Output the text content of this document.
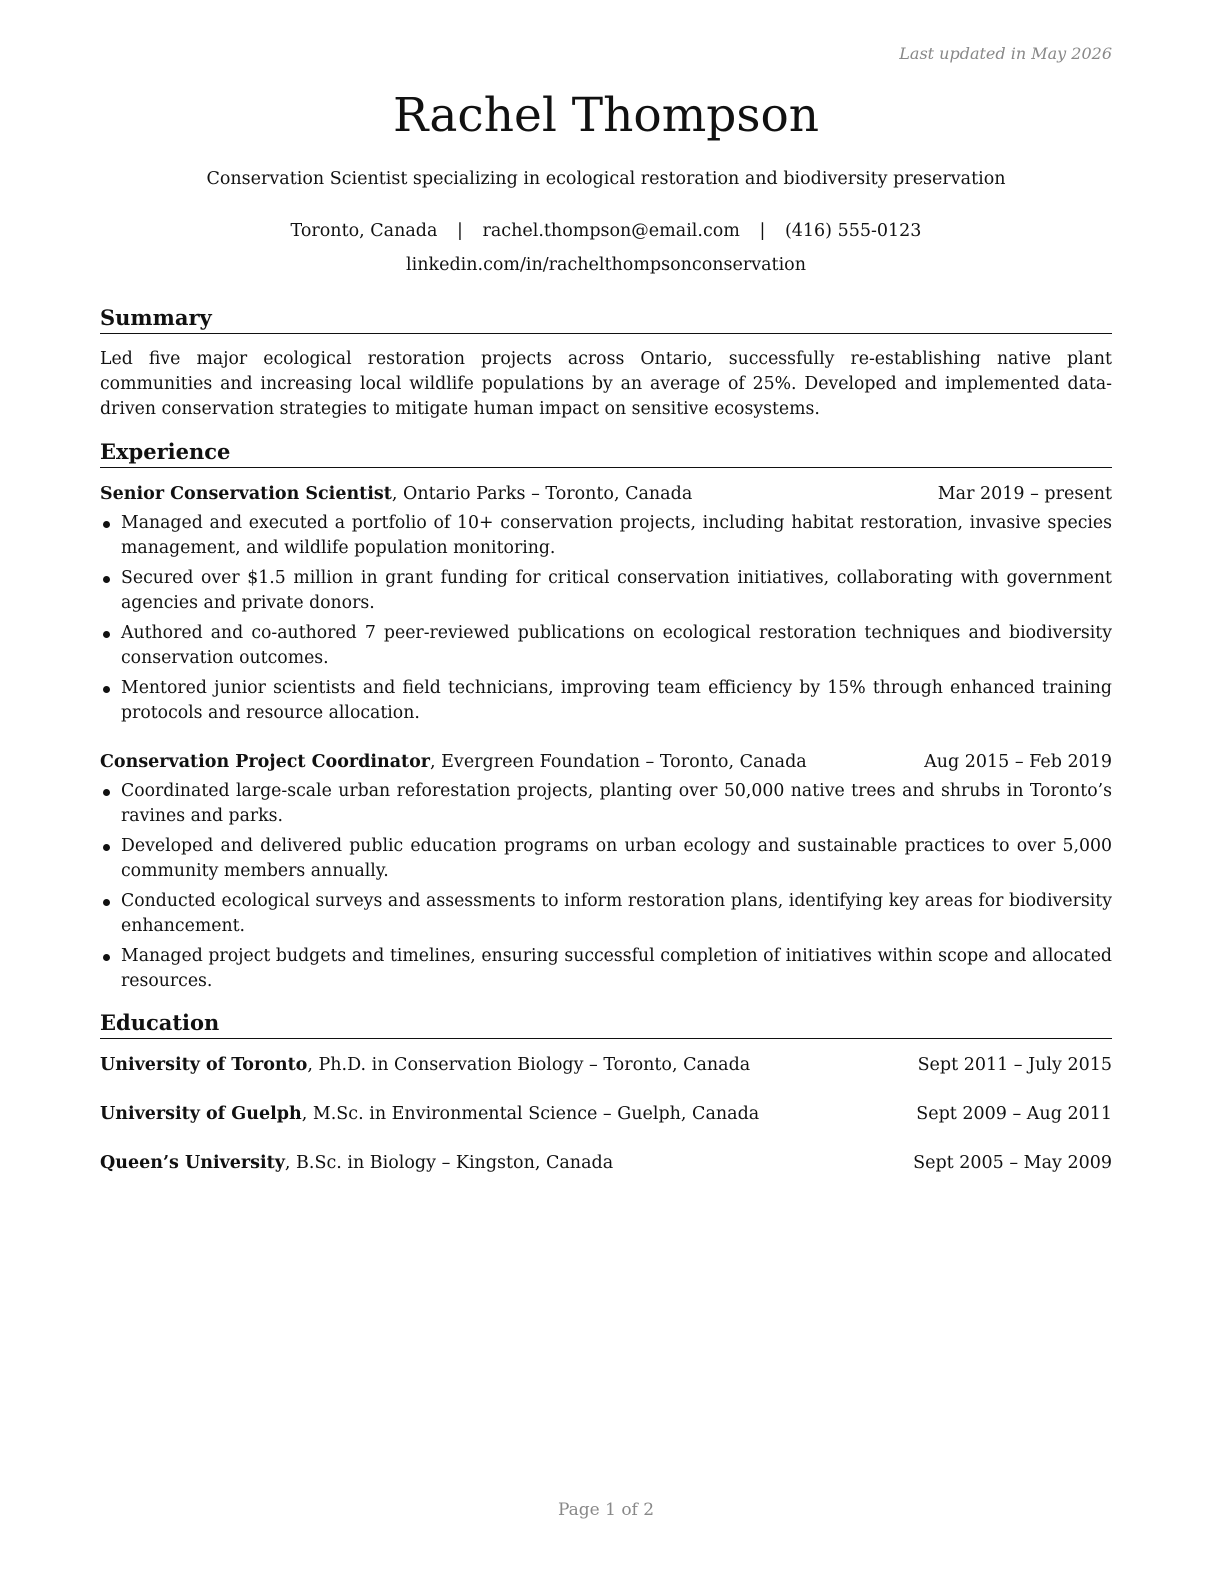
Last updated in May 2026
Rachel Thompson
Conservation Scientist specializing in ecological restoration and biodiversity preservation
Toronto, Canada | rachel.thompson@email.com | (416) 555-0123
linkedin.com/in/rachelthompsonconservation
Summary
Led five major ecological restoration projects across Ontario, successfully re-establishing native plant communities and increasing local wildlife populations by an average of 25%. Developed and implemented data-driven conservation strategies to mitigate human impact on sensitive ecosystems.
Experience
Senior Conservation Scientist, Ontario Parks – Toronto, Canada	Mar 2019 – present
Managed and executed a portfolio of 10+ conservation projects, including habitat restoration, invasive species management, and wildlife population monitoring.
Secured over $1.5 million in grant funding for critical conservation initiatives, collaborating with government agencies and private donors.
Authored and co-authored 7 peer-reviewed publications on ecological restoration techniques and biodiversity conservation outcomes.
Mentored junior scientists and field technicians, improving team efficiency by 15% through enhanced training protocols and resource allocation.
Conservation Project Coordinator, Evergreen Foundation – Toronto, Canada	Aug 2015 – Feb 2019
Coordinated large-scale urban reforestation projects, planting over 50,000 native trees and shrubs in Toronto’s ravines and parks.
Developed and delivered public education programs on urban ecology and sustainable practices to over 5,000 community members annually.
Conducted ecological surveys and assessments to inform restoration plans, identifying key areas for biodiversity enhancement.
Managed project budgets and timelines, ensuring successful completion of initiatives within scope and allocated resources.
Education
University of Toronto, Ph.D. in Conservation Biology – Toronto, Canada	Sept 2011 – July 2015
University of Guelph, M.Sc. in Environmental Science – Guelph, Canada	Sept 2009 – Aug 2011
Queen’s University, B.Sc. in Biology – Kingston, Canada	Sept 2005 – May 2009
Page 1 of 2
